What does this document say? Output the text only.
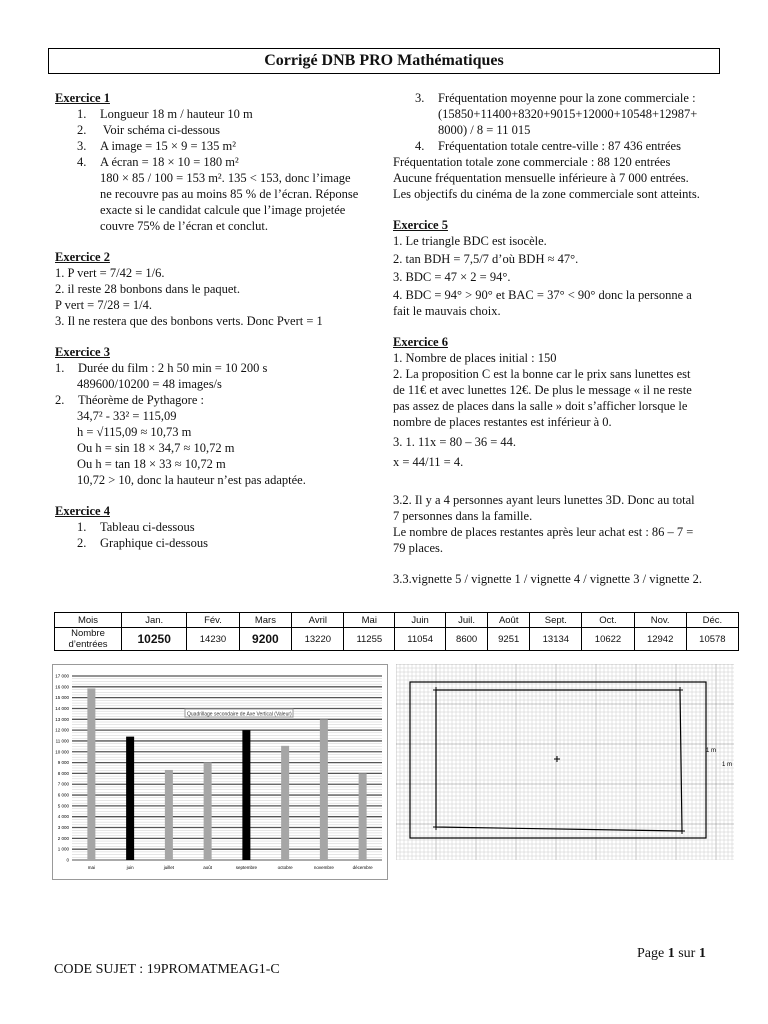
Corrigé DNB PRO Mathématiques
Exercice 1
1. Longueur 18 m / hauteur 10 m
2. Voir schéma ci-dessous
3. A image = 15 × 9 = 135 m²
4. A écran = 18 × 10 = 180 m²
180 × 85 / 100 = 153 m². 135 < 153, donc l’image
ne recouvre pas au moins 85 % de l’écran. Réponse
exacte si le candidat calcule que l’image projetée
couvre 75% de l’écran et conclut.
Exercice 2
1. P vert = 7/42 = 1/6.
2. il reste 28 bonbons dans le paquet.
P vert = 7/28 = 1/4.
3. Il ne restera que des bonbons verts. Donc Pvert = 1
Exercice 3
1. Durée du film : 2 h 50 min = 10 200 s
489600/10200 = 48 images/s
2. Théorème de Pythagore :
34,7² - 33² = 115,09
h = √115,09 ≈ 10,73 m
Ou h = sin 18 × 34,7 ≈ 10,72 m
Ou h = tan 18 × 33 ≈ 10,72 m
10,72 > 10, donc la hauteur n’est pas adaptée.
Exercice 4
1. Tableau ci-dessous
2. Graphique ci-dessous
3. Fréquentation moyenne pour la zone commerciale :
(15850+11400+8320+9015+12000+10548+12987+
8000) / 8 = 11 015
4. Fréquentation totale centre-ville : 87 436 entrées
Fréquentation totale zone commerciale : 88 120 entrées
Aucune fréquentation mensuelle inférieure à 7 000 entrées.
Les objectifs du cinéma de la zone commerciale sont atteints.
Exercice 5
1. Le triangle BDC est isocèle.
2. tan BDH = 7,5/7 d’où BDH ≈ 47°.
3. BDC = 47 × 2 = 94°.
4. BDC = 94° > 90° et BAC = 37° < 90° donc la personne a
fait le mauvais choix.
Exercice 6
1. Nombre de places initial : 150
2. La proposition C est la bonne car le prix sans lunettes est
de 11€ et avec lunettes 12€. De plus le message « il ne reste
pas assez de places dans la salle » doit s’afficher lorsque le
nombre de places restantes est inférieur à 0.
3. 1. 11x = 80 – 36 = 44.
x = 44/11 = 4.
3.2. Il y a 4 personnes ayant leurs lunettes 3D. Donc au total
7 personnes dans la famille.
Le nombre de places restantes après leur achat est : 86 – 7 =
79 places.
3.3.vignette 5 / vignette 1 / vignette 4 / vignette 3 / vignette 2.
Mois	Jan.	Fév.	Mars	Avril	Mai	Juin	Juil.	Août	Sept.	Oct.	Nov.	Déc.
Nombre d’entrées	10250	14230	9200	13220	11255	11054	8600	9251	13134	10622	12942	10578
0
1 000
2 000
3 000
4 000
5 000
6 000
7 000
8 000
9 000
10 000
11 000
12 000
13 000
14 000
15 000
16 000
17 000
mai	juin	juillet	août	septembre	octobre	novembre	décembre
Quadrillage secondaire de Axe Vertical (Valeur)
1 m
1 m
Page 1 sur 1
CODE SUJET : 19PROMATMEAG1-C
